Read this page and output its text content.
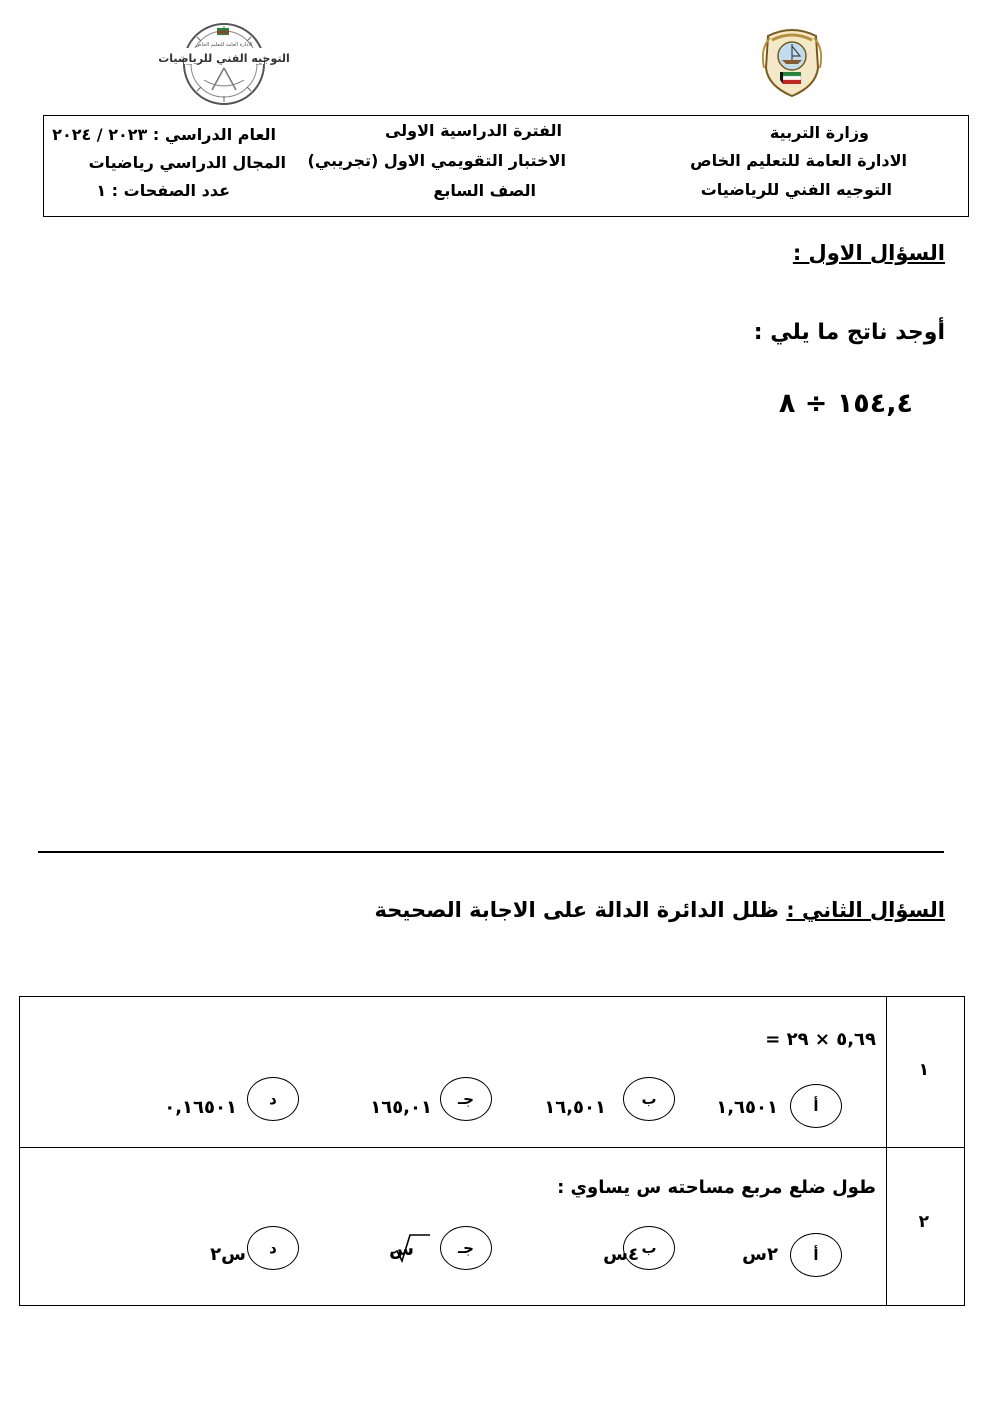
التوجيه الفني للرياضيات
الادارة العامة للتعليم الخاص
وزارة التربية
الادارة العامة للتعليم الخاص
التوجيه الفني للرياضيات
الفترة الدراسية الاولى
الاختبار التقويمي الاول (تجريبي)
الصف السابع
العام الدراسي : ٢٠٢٣ / ٢٠٢٤
المجال الدراسي رياضيات
عدد الصفحات : ١
السؤال الاول :
أوجد ناتج ما يلي :
١٥٤,٤ ÷ ٨
السؤال الثاني : ظلل الدائرة الدالة على الاجابة الصحيحة
١
٥,٦٩ × ٢٩ =
أ
١,٦٥٠١
ب
١٦,٥٠١
جـ
١٦٥,٠١
د
٠,١٦٥٠١
٢
طول ضلع مربع مساحته س يساوي :
أ
٢س
ب
٤س
جـ
س
د
س٢
